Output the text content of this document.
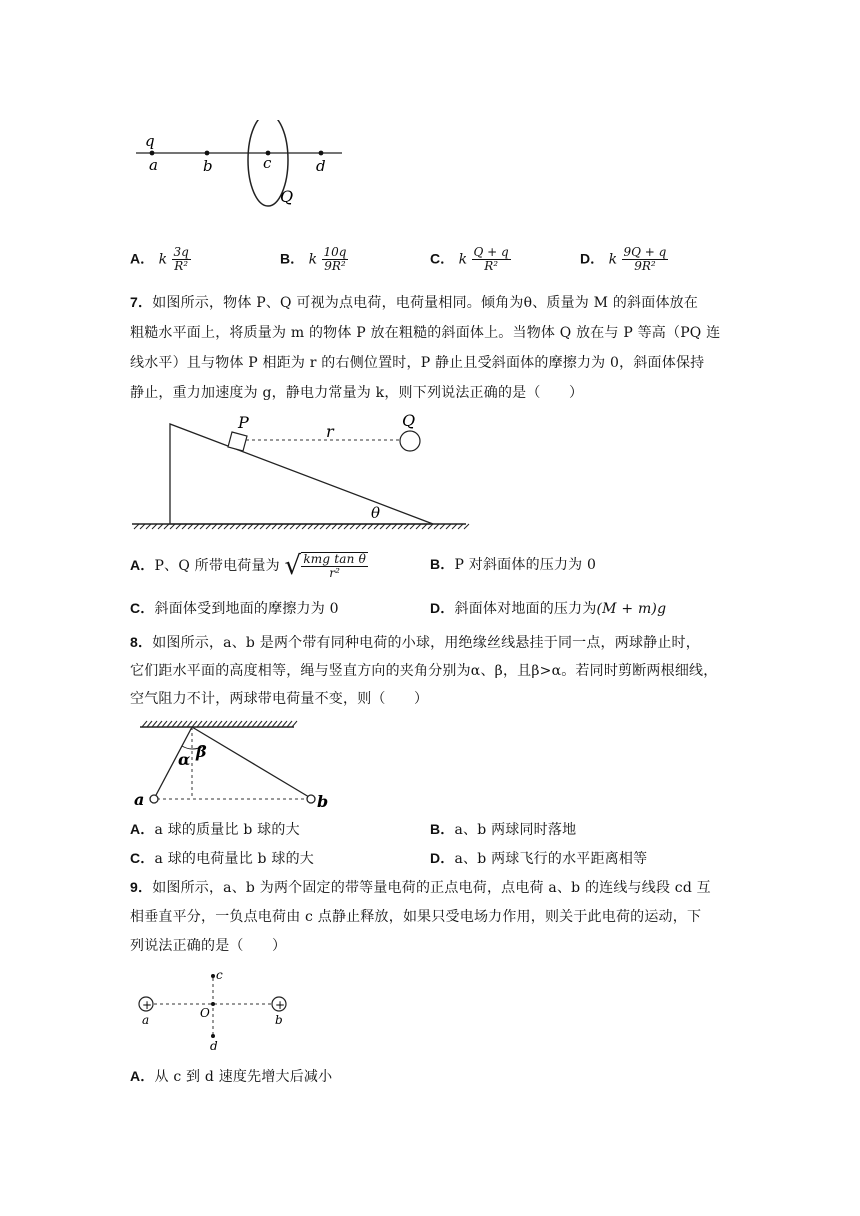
q
a	b	c	d
Q
A． k $\frac{3q}{\text{R²}}$	B． k $\frac{10q}{\text{9R²}}$	C． k $\frac{Q + q}{\text{R²}}$	D． k $\frac{9Q + q}{\text{9R²}}$
7．如图所示，物体 P、Q 可视为点电荷，电荷量相同。倾角为θ、质量为 M 的斜面体放在
粗糙水平面上，将质量为 m 的物体 P 放在粗糙的斜面体上。当物体 Q 放在与 P 等高（PQ 连
线水平）且与物体 P 相距为 r 的右侧位置时，P 静止且受斜面体的摩擦力为 0，斜面体保持
静止，重力加速度为 g，静电力常量为 k，则下列说法正确的是（　　）
P	r
Q
θ
A．P、Q 所带电荷量为 √ $\frac{\text{kmg tan θ}}{\text{r²}}$	B．P 对斜面体的压力为 0
C．斜面体受到地面的摩擦力为 0	D．斜面体对地面的压力为(M + m)g
8．如图所示，a、b 是两个带有同种电荷的小球，用绝缘丝线悬挂于同一点，两球静止时，
它们距水平面的高度相等，绳与竖直方向的夹角分别为α、β，且β>α。若同时剪断两根细线，
空气阻力不计，两球带电荷量不变，则（　　）
α β
a	b
A．a 球的质量比 b 球的大	B．a、b 两球同时落地
C．a 球的电荷量比 b 球的大	D．a、b 两球飞行的水平距离相等
9．如图所示，a、b 为两个固定的带等量电荷的正点电荷，点电荷 a、b 的连线与线段 cd 互
相垂直平分，一负点电荷由 c 点静止释放，如果只受电场力作用，则关于此电荷的运动，下
列说法正确的是（　　）
+	+
c
a	O	b
d
A．从 c 到 d 速度先增大后减小
